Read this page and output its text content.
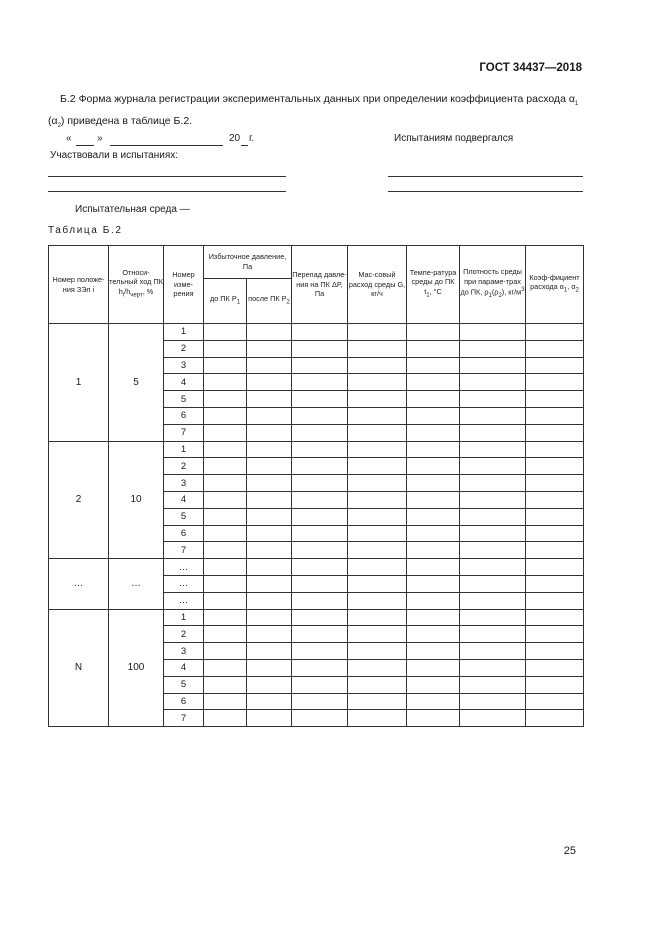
ГОСТ 34437—2018
Б.2 Форма журнала регистрации экспериментальных данных при определении коэффициента расхода $\alpha_1$
$(\alpha_2)$ приведена в таблице Б.2.
«	»	20 г.	Испытаниям подвергался
Участвовали в испытаниях:
Испытательная среда —
Таблица Б.2
Номер положе-ния ЗЭл i	Относи-тельный ход ПК $h_i/h_{черт}$, %	Номер изме-рения	Избыточное давление, Па		Перепад давле-ния на ПК ΔP, Па	Мас-совый расход среды G, кг/ч	Темпе-ратура среды до ПК $t_1$, °С	Плотность среды при параме-трах до ПК, $\rho_1(\rho_2)$, $кг/м^3$	Коэф-фициент расхода $\alpha_1$, $\alpha_2$
			до ПК $P_1$	после ПК $P_2$
1	5	1							
		2							
		3							
		4							
		5							
		6							
		7							
2	10	1							
		2							
		3							
		4							
		5							
		6							
		7							
…	…	…							
		…							
		…							
N	100	1							
		2							
		3							
		4							
		5							
		6							
		7							
25
